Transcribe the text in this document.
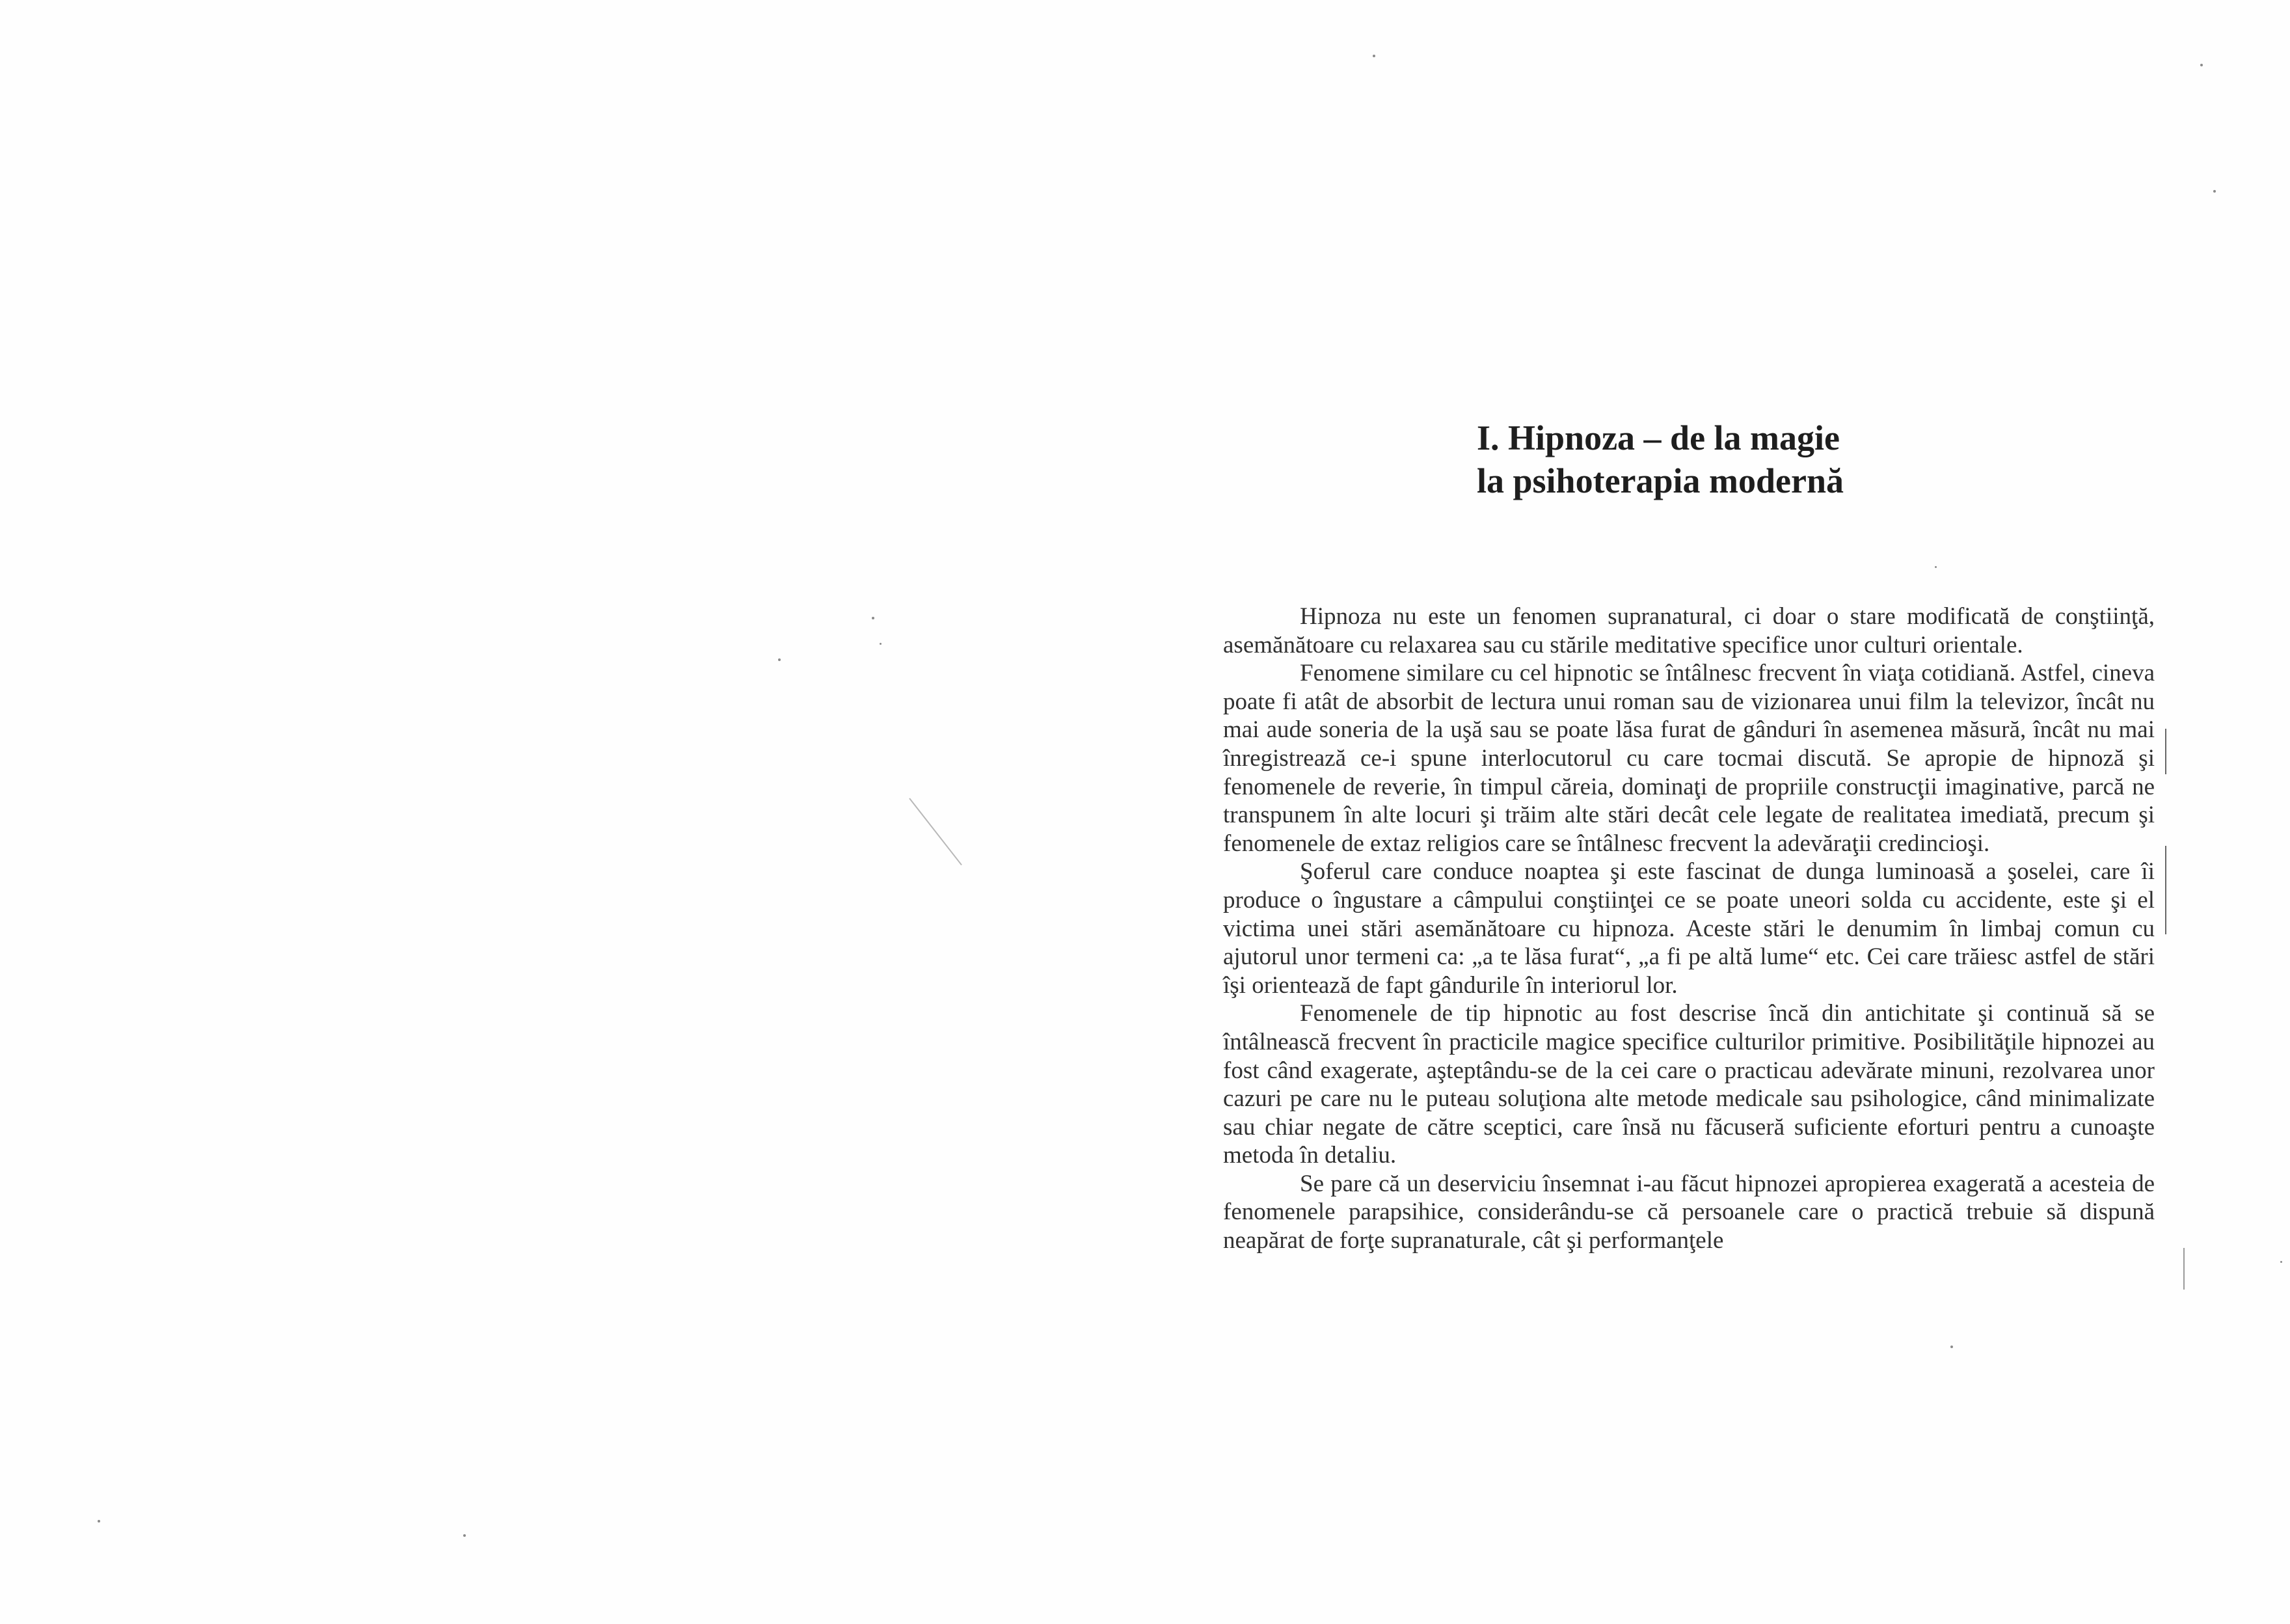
I. Hipnoza – de la magie
la psihoterapia modernă

Hipnoza nu este un fenomen supranatural, ci doar o stare modificată de conştiinţă, asemănătoare cu relaxarea sau cu stările meditative specifice unor culturi orientale.

Fenomene similare cu cel hipnotic se întâlnesc frecvent în viaţa cotidiană. Astfel, cineva poate fi atât de absorbit de lectura unui roman sau de vizionarea unui film la televizor, încât nu mai aude soneria de la uşă sau se poate lăsa furat de gânduri în asemenea măsură, încât nu mai înregistrează ce-i spune interlocutorul cu care tocmai discută. Se apropie de hipnoză şi fenomenele de reverie, în timpul căreia, dominaţi de propriile construcţii imaginative, parcă ne transpunem în alte locuri şi trăim alte stări decât cele legate de realitatea imediată, precum şi fenomenele de extaz religios care se întâlnesc frecvent la adevăraţii credincioşi.

Şoferul care conduce noaptea şi este fascinat de dunga luminoasă a şoselei, care îi produce o îngustare a câmpului conştiinţei ce se poate uneori solda cu accidente, este şi el victima unei stări asemănătoare cu hipnoza. Aceste stări le denumim în limbaj comun cu ajutorul unor termeni ca: „a te lăsa furat“, „a fi pe altă lume“ etc. Cei care trăiesc astfel de stări îşi orientează de fapt gândurile în interiorul lor.

Fenomenele de tip hipnotic au fost descrise încă din antichitate şi continuă să se întâlnească frecvent în practicile magice specifice culturilor primitive. Posibilităţile hipnozei au fost când exagerate, aşteptându-se de la cei care o practicau adevărate minuni, rezolvarea unor cazuri pe care nu le puteau soluţiona alte metode medicale sau psihologice, când minimalizate sau chiar negate de către sceptici, care însă nu făcuseră suficiente eforturi pentru a cunoaşte metoda în detaliu.

Se pare că un deserviciu însemnat i-au făcut hipnozei apropierea exagerată a acesteia de fenomenele parapsihice, considerându-se că persoanele care o practică trebuie să dispună neapărat de forţe supranaturale, cât şi performanţele
